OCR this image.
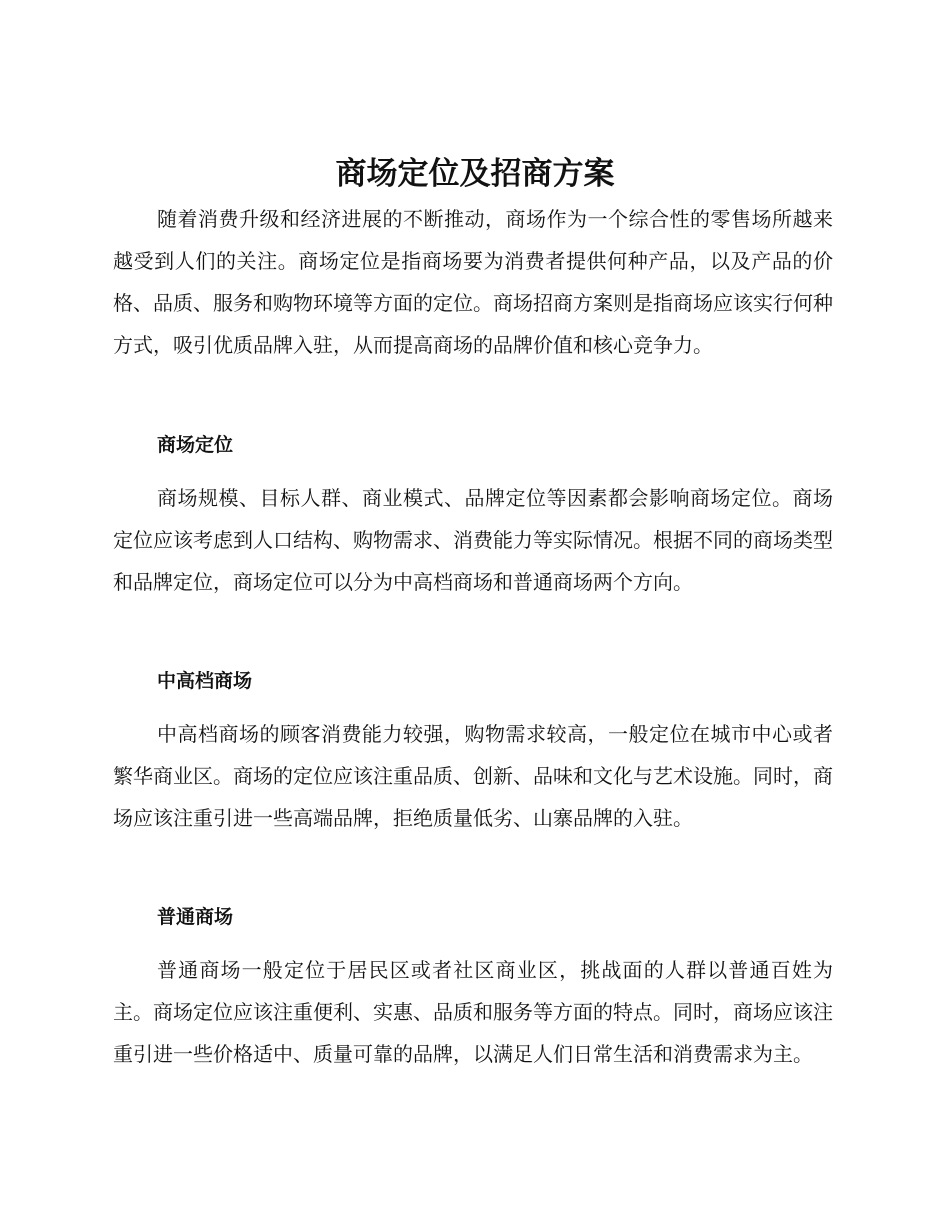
商场定位及招商方案

随着消费升级和经济进展的不断推动，商场作为一个综合性的零售场所越来越受到人们的关注。商场定位是指商场要为消费者提供何种产品，以及产品的价格、品质、服务和购物环境等方面的定位。商场招商方案则是指商场应该实行何种方式，吸引优质品牌入驻，从而提高商场的品牌价值和核心竞争力。

商场定位

商场规模、目标人群、商业模式、品牌定位等因素都会影响商场定位。商场定位应该考虑到人口结构、购物需求、消费能力等实际情况。根据不同的商场类型和品牌定位，商场定位可以分为中高档商场和普通商场两个方向。

中高档商场

中高档商场的顾客消费能力较强，购物需求较高，一般定位在城市中心或者繁华商业区。商场的定位应该注重品质、创新、品味和文化与艺术设施。同时，商场应该注重引进一些高端品牌，拒绝质量低劣、山寨品牌的入驻。

普通商场

普通商场一般定位于居民区或者社区商业区，挑战面的人群以普通百姓为主。商场定位应该注重便利、实惠、品质和服务等方面的特点。同时，商场应该注重引进一些价格适中、质量可靠的品牌，以满足人们日常生活和消费需求为主。
